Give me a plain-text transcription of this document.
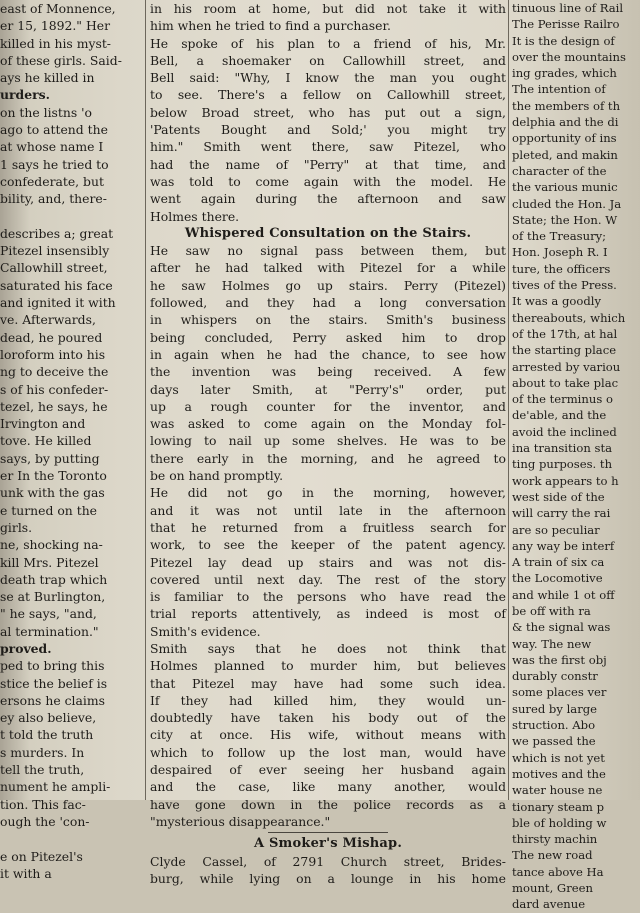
east of Monnence,

er 15, 1892." Her

killed in his myst-

of these girls. Said-

ays he killed in

urders.

on the listns 'o

ago to attend the

at whose name I

1 says he tried to

confederate, but

bility, and, there-

describes a; great

Pitezel insensibly

Callowhill street,

saturated his face

and ignited it with

ve. Afterwards,

dead, he poured

loroform into his

ng to deceive the

s of his confeder-

tezel, he says, he

Irvington and

tove. He killed

says, by putting

er In the Toronto

unk with the gas

e turned on the

girls.

ne, shocking na-

kill Mrs. Pitezel

death trap which

se at Burlington,

" he says, "and,

al termination."

proved.

ped to bring this

stice the belief is

ersons he claims

ey also believe,

t told the truth

s murders. In

tell the truth,

nument he ampli-

tion. This fac-

ough the 'con-

e on Pitezel's

it with a

in his room at home, but did not take it with

him when he tried to find a purchaser.

He spoke of his plan to a friend of his, Mr.

Bell, a shoemaker on Callowhill street, and

Bell said: "Why, I know the man you ought

to see. There's a fellow on Callowhill street,

below Broad street, who has put out a sign,

'Patents Bought and Sold;' you might try

him." Smith went there, saw Pitezel, who

had the name of "Perry" at that time, and

was told to come again with the model. He

went again during the afternoon and saw

Holmes there.

Whispered Consultation on the Stairs.

He saw no signal pass between them, but

after he had talked with Pitezel for a while

he saw Holmes go up stairs. Perry (Pitezel)

followed, and they had a long conversation

in whispers on the stairs. Smith's business

being concluded, Perry asked him to drop

in again when he had the chance, to see how

the invention was being received. A few

days later Smith, at "Perry's" order, put

up a rough counter for the inventor, and

was asked to come again on the Monday fol-

lowing to nail up some shelves. He was to be

there early in the morning, and he agreed to

be on hand promptly.

He did not go in the morning, however,

and it was not until late in the afternoon

that he returned from a fruitless search for

work, to see the keeper of the patent agency.

Pitezel lay dead up stairs and was not dis-

covered until next day. The rest of the story

is familiar to the persons who have read the

trial reports attentively, as indeed is most of

Smith's evidence.

Smith says that he does not think that

Holmes planned to murder him, but believes

that Pitezel may have had some such idea.

If they had killed him, they would un-

doubtedly have taken his body out of the

city at once. His wife, without means with

which to follow up the lost man, would have

despaired of ever seeing her husband again

and the case, like many another, would

have gone down in the police records as a

"mysterious disappearance."

A Smoker's Mishap.

Clyde Cassel, of 2791 Church street, Brides-

burg, while lying on a lounge in his home

tinuous line of Rail

The Perisse Railro

It is the design of

over the mountains

ing grades, which

The intention of

the members of th

delphia and the di

opportunity of ins

pleted, and makin

character of the

the various munic

cluded the Hon. Ja

State; the Hon. W

of the Treasury;

Hon. Joseph R. I

ture, the officers

tives of the Press.

It was a goodly

thereabouts, which

of the 17th, at hal

the starting place

arrested by variou

about to take plac

of the terminus o

de'able, and the

avoid the inclined

ina transition sta

ting purposes. th

work appears to h

west side of the

will carry the rai

are so peculiar

any way be interf

A train of six ca

the Locomotive

and while 1 ot off

be off with ra

& the signal was

way. The new

was the first obj

durably constr

some places ver

sured by large

struction. Abo

we passed the

which is not yet

motives and the

water house ne

tionary steam p

ble of holding w

thirsty machin

The new road

tance above Ha

mount, Green

dard avenue
